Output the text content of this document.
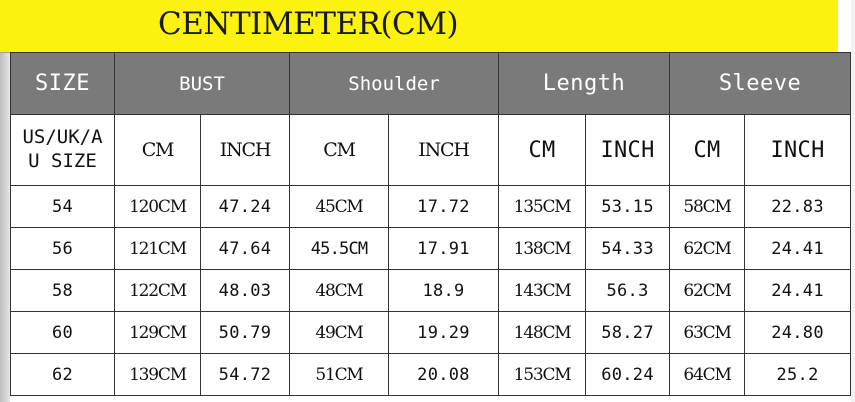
CENTIMETER(CM)
SIZE	BUST		Shoulder		Length		Sleeve	
US/UK/A
U SIZE	CM	INCH	CM	INCH	CM	INCH	CM	INCH
54	120CM	47.24	45CM	17.72	135CM	53.15	58CM	22.83
56	121CM	47.64	45.5CM	17.91	138CM	54.33	62CM	24.41
58	122CM	48.03	48CM	18.9	143CM	56.3	62CM	24.41
60	129CM	50.79	49CM	19.29	148CM	58.27	63CM	24.80
62	139CM	54.72	51CM	20.08	153CM	60.24	64CM	25.2
